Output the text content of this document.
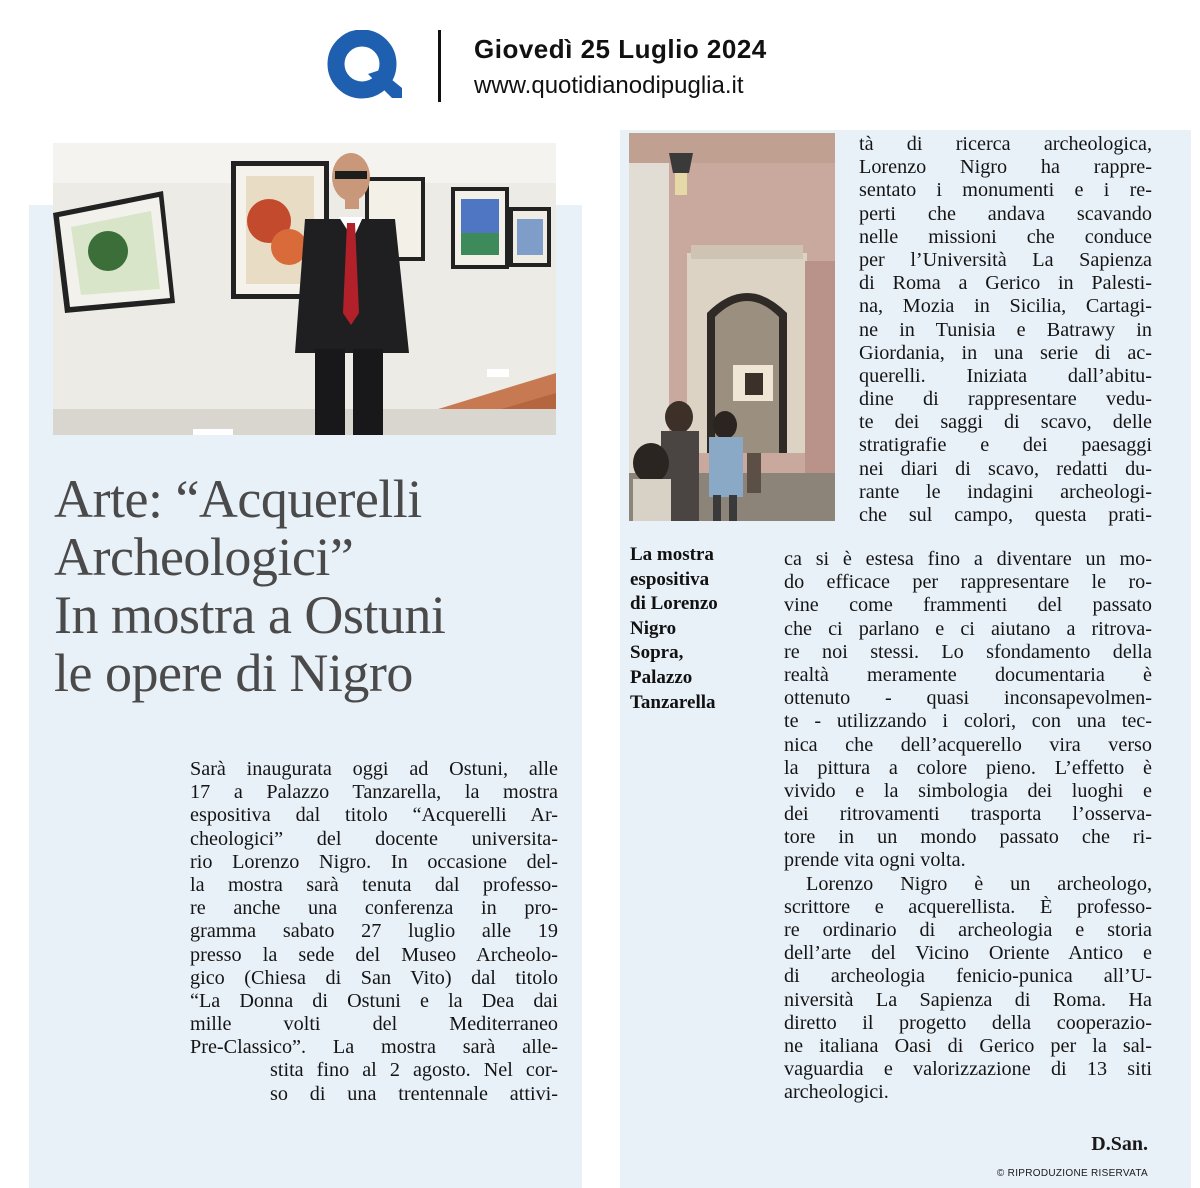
Giovedì 25 Luglio 2024
www.quotidianodipuglia.it
Arte: “Acquerelli
Archeologici”
In mostra a Ostuni
le opere di Nigro
Sarà inaugurata oggi ad Ostuni, alle
17 a Palazzo Tanzarella, la mostra
espositiva dal titolo “Acquerelli Ar-
cheologici” del docente universita-
rio Lorenzo Nigro. In occasione del-
la mostra sarà tenuta dal professo-
re anche una conferenza in pro-
gramma sabato 27 luglio alle 19
presso la sede del Museo Archeolo-
gico (Chiesa di San Vito) dal titolo
“La Donna di Ostuni e la Dea dai
mille volti del Mediterraneo
Pre-Classico”. La mostra sarà alle-
stita fino al 2 agosto. Nel cor-
so di una trentennale attivi-
tà di ricerca archeologica,
Lorenzo Nigro ha rappre-
sentato i monumenti e i re-
perti che andava scavando
nelle missioni che conduce
per l’Università La Sapienza
di Roma a Gerico in Palesti-
na, Mozia in Sicilia, Cartagi-
ne in Tunisia e Batrawy in
Giordania, in una serie di ac-
querelli. Iniziata dall’abitu-
dine di rappresentare vedu-
te dei saggi di scavo, delle
stratigrafie e dei paesaggi
nei diari di scavo, redatti du-
rante le indagini archeologi-
che sul campo, questa prati-
La mostra
espositiva
di Lorenzo
Nigro
Sopra,
Palazzo
Tanzarella
ca si è estesa fino a diventare un mo-
do efficace per rappresentare le ro-
vine come frammenti del passato
che ci parlano e ci aiutano a ritrova-
re noi stessi. Lo sfondamento della
realtà meramente documentaria è
ottenuto - quasi inconsapevolmen-
te - utilizzando i colori, con una tec-
nica che dell’acquerello vira verso
la pittura a colore pieno. L’effetto è
vivido e la simbologia dei luoghi e
dei ritrovamenti trasporta l’osserva-
tore in un mondo passato che ri-
prende vita ogni volta.
Lorenzo Nigro è un archeologo,
scrittore e acquerellista. È professo-
re ordinario di archeologia e storia
dell’arte del Vicino Oriente Antico e
di archeologia fenicio-punica all’U-
niversità La Sapienza di Roma. Ha
diretto il progetto della cooperazio-
ne italiana Oasi di Gerico per la sal-
vaguardia e valorizzazione di 13 siti
archeologici.
D.San.
© RIPRODUZIONE RISERVATA
